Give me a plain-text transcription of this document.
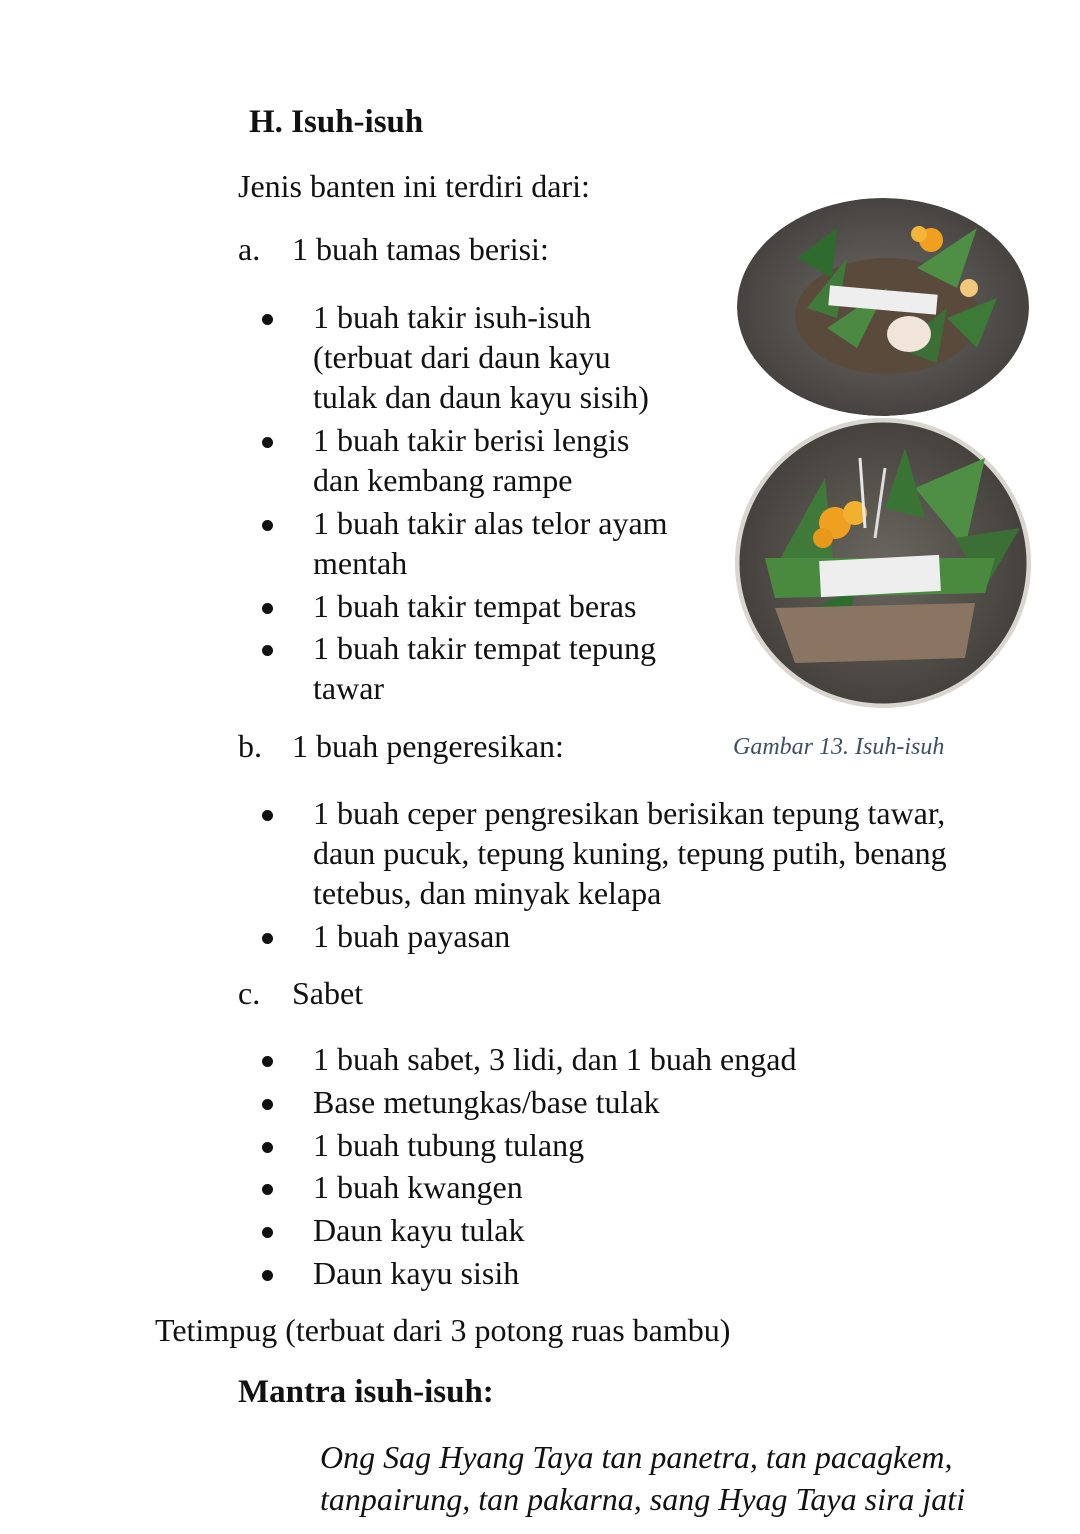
H. Isuh-isuh
Jenis banten ini terdiri dari:
a. 1 buah tamas berisi:
1 buah takir isuh-isuh
(terbuat dari daun kayu
tulak dan daun kayu sisih)
1 buah takir berisi lengis
dan kembang rampe
1 buah takir alas telor ayam
mentah
1 buah takir tempat beras
1 buah takir tempat tepung
tawar
Gambar 13. Isuh-isuh
b. 1 buah pengeresikan:
1 buah ceper pengresikan berisikan tepung tawar,
daun pucuk, tepung kuning, tepung putih, benang
tetebus, dan minyak kelapa
1 buah payasan
c. Sabet
1 buah sabet, 3 lidi, dan 1 buah engad
Base metungkas/base tulak
1 buah tubung tulang
1 buah kwangen
Daun kayu tulak
Daun kayu sisih
Tetimpug (terbuat dari 3 potong ruas bambu)
Mantra isuh-isuh:
Ong Sag Hyang Taya tan panetra, tan pacagkem,
tanpairung, tan pakarna, sang Hyag Taya sira jati
